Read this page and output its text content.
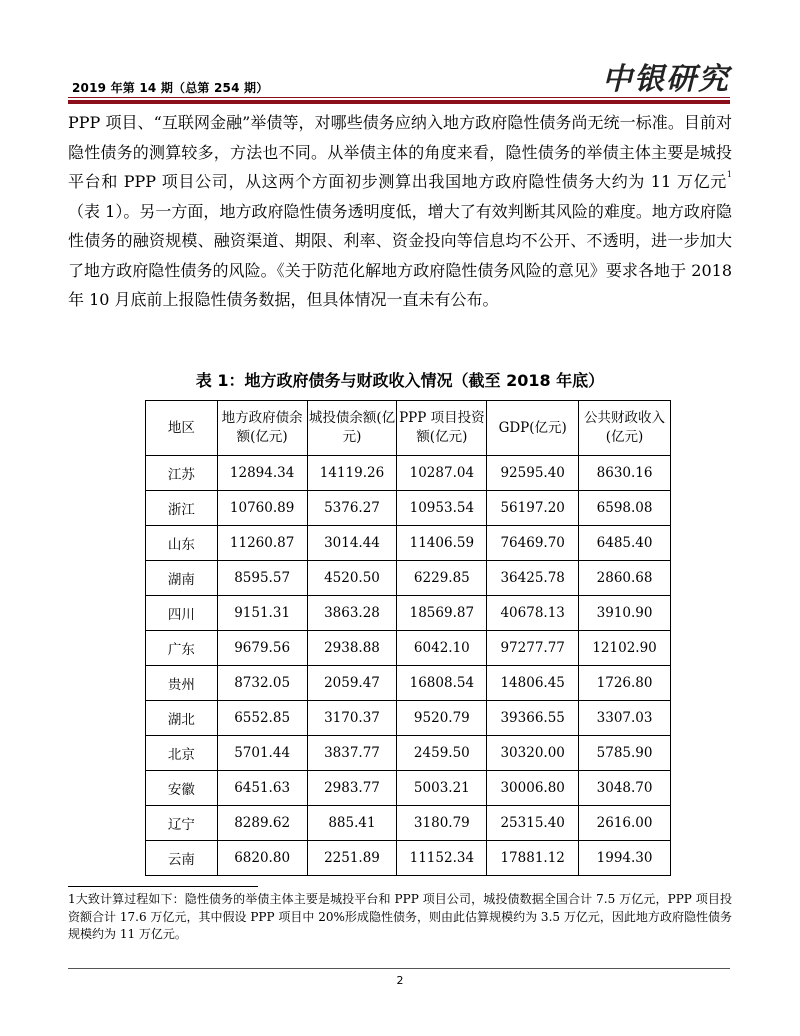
2019 年第 14 期（总第 254 期）	中银研究

PPP 项目、“互联网金融”举债等，对哪些债务应纳入地方政府隐性债务尚无统一标准。目前对隐性债务的测算较多，方法也不同。从举债主体的角度来看，隐性债务的举债主体主要是城投平台和 PPP 项目公司，从这两个方面初步测算出我国地方政府隐性债务大约为 11 万亿元$^1$（表 1）。另一方面，地方政府隐性债务透明度低，增大了有效判断其风险的难度。地方政府隐性债务的融资规模、融资渠道、期限、利率、资金投向等信息均不公开、不透明，进一步加大了地方政府隐性债务的风险。《关于防范化解地方政府隐性债务风险的意见》要求各地于 2018 年 10 月底前上报隐性债务数据，但具体情况一直未有公布。

表 1：地方政府债务与财政收入情况（截至 2018 年底）
地区	地方政府债余额(亿元)	城投债余额(亿元)	PPP 项目投资额(亿元)	GDP(亿元)	公共财政收入(亿元)
江苏	12894.34	14119.26	10287.04	92595.40	8630.16
浙江	10760.89	5376.27	10953.54	56197.20	6598.08
山东	11260.87	3014.44	11406.59	76469.70	6485.40
湖南	8595.57	4520.50	6229.85	36425.78	2860.68
四川	9151.31	3863.28	18569.87	40678.13	3910.90
广东	9679.56	2938.88	6042.10	97277.77	12102.90
贵州	8732.05	2059.47	16808.54	14806.45	1726.80
湖北	6552.85	3170.37	9520.79	39366.55	3307.03
北京	5701.44	3837.77	2459.50	30320.00	5785.90
安徽	6451.63	2983.77	5003.21	30006.80	3048.70
辽宁	8289.62	885.41	3180.79	25315.40	2616.00
云南	6820.80	2251.89	11152.34	17881.12	1994.30
1大致计算过程如下：隐性债务的举债主体主要是城投平台和 PPP 项目公司，城投债数据全国合计 7.5 万亿元，PPP 项目投资额合计 17.6 万亿元，其中假设 PPP 项目中 20%形成隐性债务，则由此估算规模约为 3.5 万亿元，因此地方政府隐性债务规模约为 11 万亿元。
2
